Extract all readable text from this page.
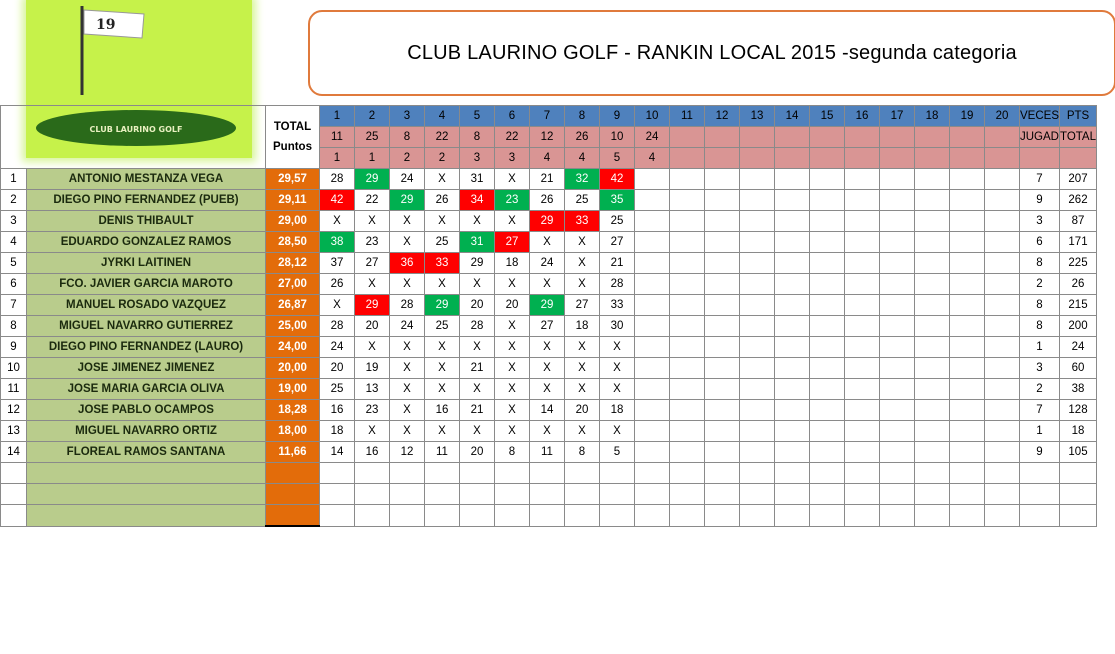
19
CLUB LAURINO GOLF
CLUB LAURINO GOLF - RANKIN LOCAL 2015 -segunda categoria

		TOTAL
Puntos	1	2	3	4	5	6	7	8	9	10	11	12	13	14	15	16	17	18	19	20	VECES	PTS
			11	25	8	22	8	22	12	26	10	24											JUGAD	TOTAL
			1	1	2	2	3	3	4	4	5	4												
1	ANTONIO MESTANZA VEGA	29,57	28	29	24	X	31	X	21	32	42												7	207
2	DIEGO PINO FERNANDEZ (PUEB)	29,11	42	22	29	26	34	23	26	25	35												9	262
3	DENIS THIBAULT	29,00	X	X	X	X	X	X	29	33	25												3	87
4	EDUARDO GONZALEZ RAMOS	28,50	38	23	X	25	31	27	X	X	27												6	171
5	JYRKI LAITINEN	28,12	37	27	36	33	29	18	24	X	21												8	225
6	FCO. JAVIER GARCIA MAROTO	27,00	26	X	X	X	X	X	X	X	28												2	26
7	MANUEL ROSADO VAZQUEZ	26,87	X	29	28	29	20	20	29	27	33												8	215
8	MIGUEL NAVARRO GUTIERREZ	25,00	28	20	24	25	28	X	27	18	30												8	200
9	DIEGO PINO FERNANDEZ (LAURO)	24,00	24	X	X	X	X	X	X	X	X												1	24
10	JOSE JIMENEZ JIMENEZ	20,00	20	19	X	X	21	X	X	X	X												3	60
11	JOSE MARIA GARCIA OLIVA	19,00	25	13	X	X	X	X	X	X	X												2	38
12	JOSE PABLO OCAMPOS	18,28	16	23	X	16	21	X	14	20	18												7	128
13	MIGUEL NAVARRO ORTIZ	18,00	18	X	X	X	X	X	X	X	X												1	18
14	FLOREAL RAMOS SANTANA	11,66	14	16	12	11	20	8	11	8	5												9	105
